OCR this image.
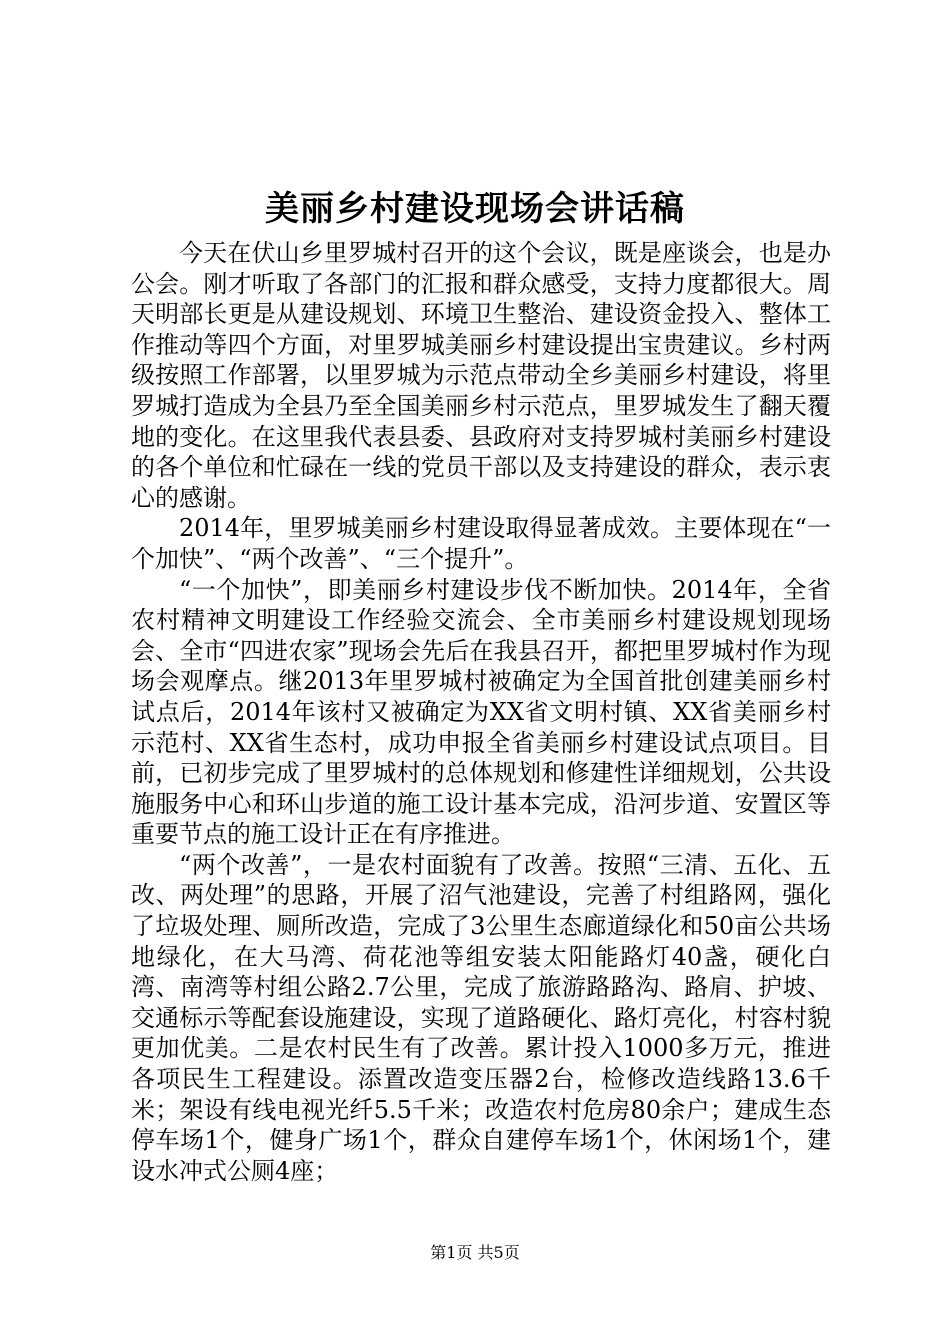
美丽乡村建设现场会讲话稿

今天在伏山乡里罗城村召开的这个会议，既是座谈会，也是办公会。刚才听取了各部门的汇报和群众感受，支持力度都很大。周天明部长更是从建设规划、环境卫生整治、建设资金投入、整体工作推动等四个方面，对里罗城美丽乡村建设提出宝贵建议。乡村两级按照工作部署，以里罗城为示范点带动全乡美丽乡村建设，将里罗城打造成为全县乃至全国美丽乡村示范点，里罗城发生了翻天覆地的变化。在这里我代表县委、县政府对支持罗城村美丽乡村建设的各个单位和忙碌在一线的党员干部以及支持建设的群众，表示衷心的感谢。

2014年，里罗城美丽乡村建设取得显著成效。主要体现在“一个加快”、“两个改善”、“三个提升”。

“一个加快”，即美丽乡村建设步伐不断加快。2014年，全省农村精神文明建设工作经验交流会、全市美丽乡村建设规划现场会、全市“四进农家”现场会先后在我县召开，都把里罗城村作为现场会观摩点。继2013年里罗城村被确定为全国首批创建美丽乡村试点后，2014年该村又被确定为XX省文明村镇、XX省美丽乡村示范村、XX省生态村，成功申报全省美丽乡村建设试点项目。目前，已初步完成了里罗城村的总体规划和修建性详细规划，公共设施服务中心和环山步道的施工设计基本完成，沿河步道、安置区等重要节点的施工设计正在有序推进。

“两个改善”，一是农村面貌有了改善。按照“三清、五化、五改、两处理”的思路，开展了沼气池建设，完善了村组路网，强化了垃圾处理、厕所改造，完成了3公里生态廊道绿化和50亩公共场地绿化，在大马湾、荷花池等组安装太阳能路灯40盏，硬化白湾、南湾等村组公路2.7公里，完成了旅游路路沟、路肩、护坡、交通标示等配套设施建设，实现了道路硬化、路灯亮化，村容村貌更加优美。二是农村民生有了改善。累计投入1000多万元，推进各项民生工程建设。添置改造变压器2台，检修改造线路13.6千米；架设有线电视光纤5.5千米；改造农村危房80余户；建成生态停车场1个，健身广场1个，群众自建停车场1个，休闲场1个，建设水冲式公厕4座；

第1页 共5页
